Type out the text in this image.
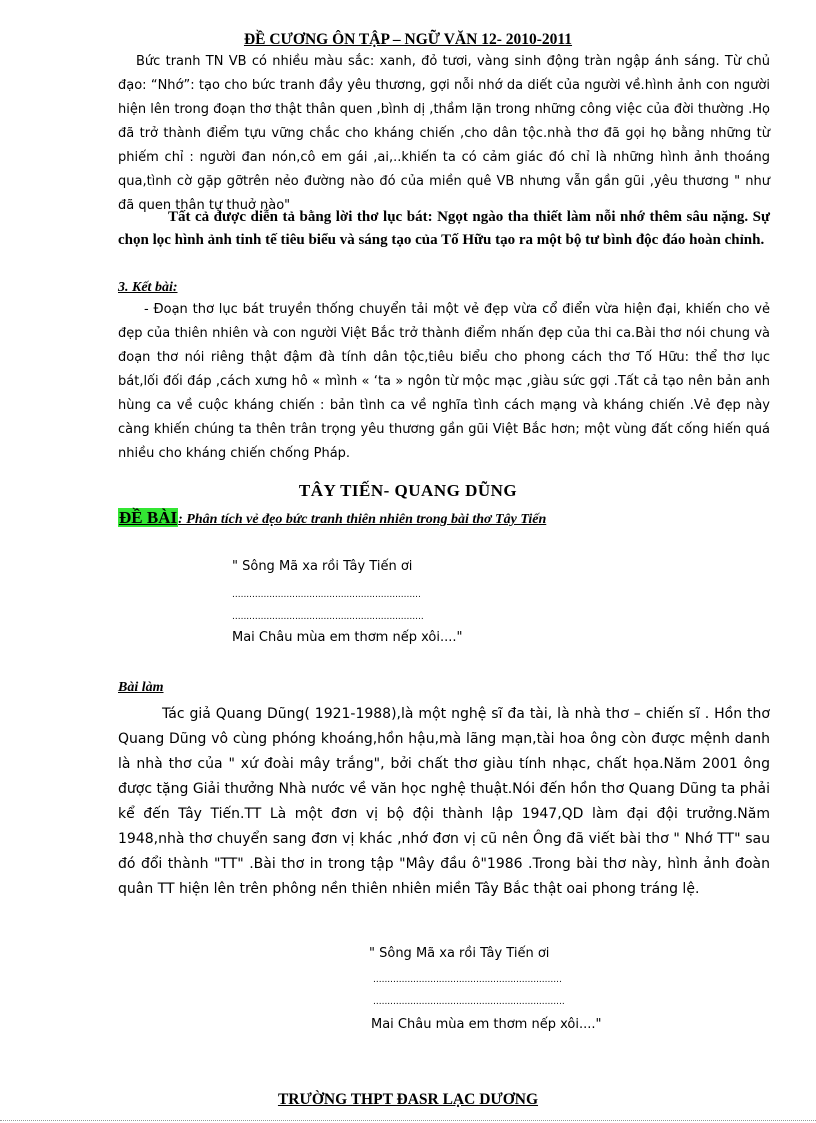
ĐỀ CƯƠNG ÔN TẬP – NGỮ VĂN 12- 2010-2011
Bức tranh TN VB có nhiều màu sắc: xanh, đỏ tươi, vàng sinh động tràn ngập ánh sáng. Từ chủ đạo: “Nhớ”: tạo cho bức tranh đầy yêu thương, gợi nỗi nhớ da diết của người về.hình ảnh con người hiện lên trong đoạn thơ thật thân quen ,bình dị ,thầm lặn trong những công việc của đời thường .Họ đã trở thành điểm tựu vững chắc cho kháng chiến ,cho dân tộc.nhà thơ đã gọi họ bằng những từ phiếm chỉ : người đan nón,cô em gái ,ai,..khiến ta có cảm giác đó chỉ là những hình ảnh thoáng qua,tình cờ gặp gỡtrên nẻo đường nào đó của miền quê VB nhưng vẫn gần gũi ,yêu thương " như đã quen thân tự thuở nào"
Tất cả được diễn tả bằng lời thơ lục bát: Ngọt ngào tha thiết làm nỗi nhớ thêm sâu nặng. Sự chọn lọc hình ảnh tinh tế tiêu biểu và sáng tạo của Tố Hữu tạo ra một bộ tư bình độc đáo hoàn chỉnh.
3. Kết bài:
- Đoạn thơ lục bát truyền thống chuyển tải một vẻ đẹp vừa cổ điển vừa hiện đại, khiến cho vẻ đẹp của thiên nhiên và con người Việt Bắc trở thành điểm nhấn đẹp của thi ca.Bài thơ nói chung và đoạn thơ nói riêng thật đậm đà tính dân tộc,tiêu biểu cho phong cách thơ Tố Hữu: thể thơ lục bát,lối đối đáp ,cách xưng hô « mình « ‘ta » ngôn từ mộc mạc ,giàu sức gợi .Tất cả tạo nên bản anh hùng ca về cuộc kháng chiến : bản tình ca về nghĩa tình cách mạng và kháng chiến .Vẻ đẹp này càng khiến chúng ta thên trân trọng yêu thương gần gũi Việt Bắc hơn; một vùng đất cống hiến quá nhiều cho kháng chiến chống Pháp.
TÂY TIẾN- QUANG DŨNG
ĐỀ BÀI: Phân tích vẻ đẹo bức tranh thiên nhiên trong bài thơ Tây Tiến
" Sông Mã xa rồi Tây Tiến ơi
..................................................................
...................................................................
Mai Châu mùa em thơm nếp xôi...."
Bài làm
Tác giả Quang Dũng( 1921-1988),là một nghệ sĩ đa tài, là nhà thơ – chiến sĩ . Hồn thơ Quang Dũng vô cùng phóng khoáng,hồn hậu,mà lãng mạn,tài hoa ông còn được mệnh danh là nhà thơ của " xứ đoài mây trắng", bởi chất thơ giàu tính nhạc, chất họa.Năm 2001 ông được tặng Giải thưởng Nhà nước về văn học nghệ thuật.Nói đến hồn thơ Quang Dũng ta phải kể đến Tây Tiến.TT Là một đơn vị bộ đội thành lập 1947,QD làm đại đội trưởng.Năm 1948,nhà thơ chuyển sang đơn vị khác ,nhớ đơn vị cũ nên Ông đã viết bài thơ " Nhớ TT" sau đó đổi thành "TT" .Bài thơ in trong tập "Mây đầu ô"1986 .Trong bài thơ này, hình ảnh đoàn quân TT hiện lên trên phông nền thiên nhiên miền Tây Bắc thật oai phong tráng lệ.
" Sông Mã xa rồi Tây Tiến ơi
..................................................................
...................................................................
Mai Châu mùa em thơm nếp xôi...."
TRƯỜNG THPT ĐASR LẠC DƯƠNG
